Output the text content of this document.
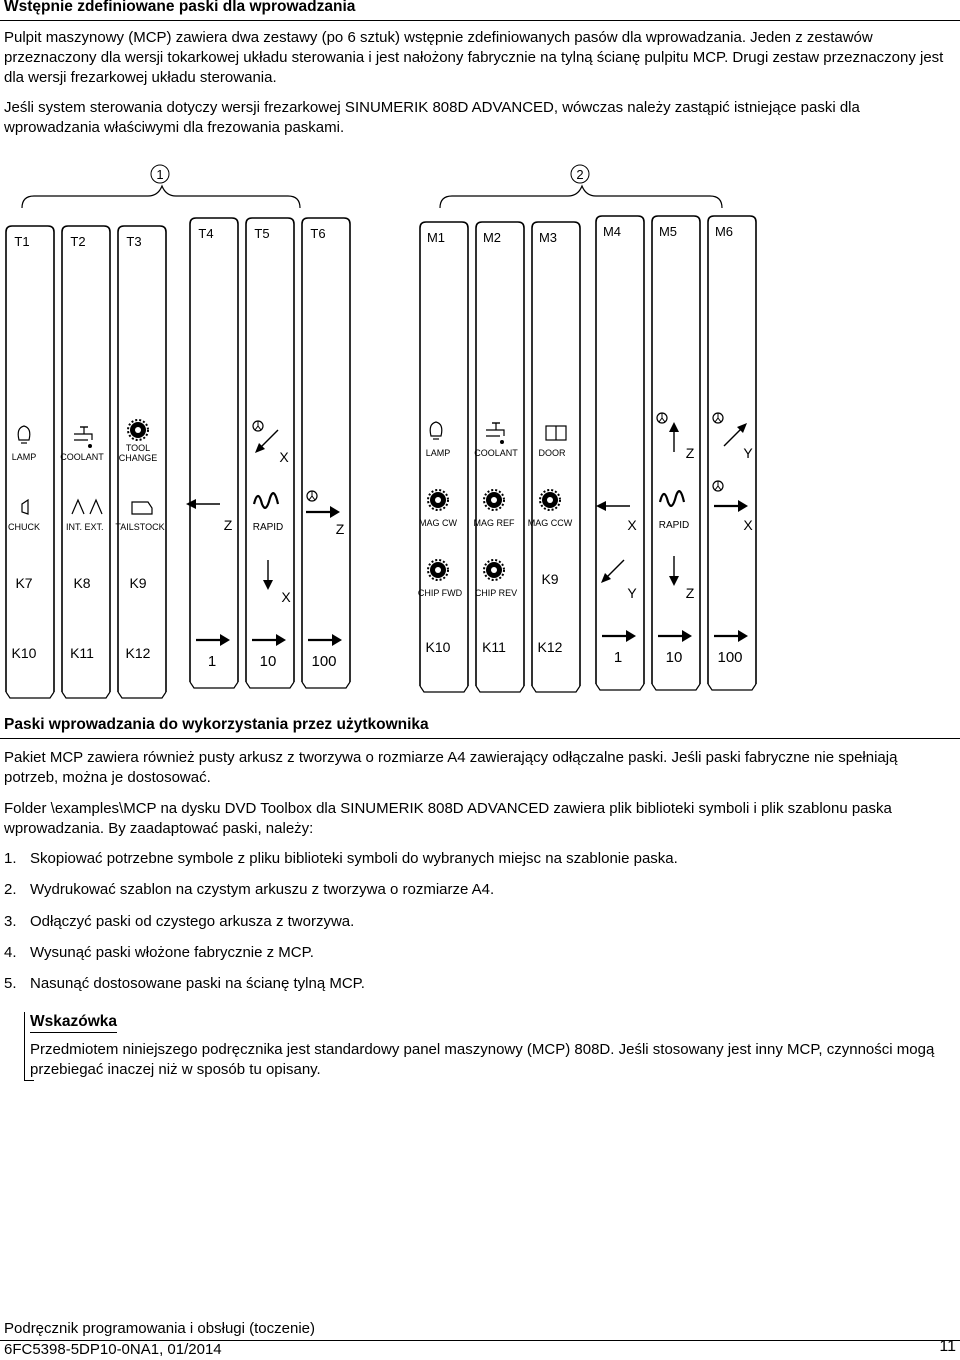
Wstępnie zdefiniowane paski dla wprowadzania
Pulpit maszynowy (MCP) zawiera dwa zestawy (po 6 sztuk) wstępnie zdefiniowanych pasów dla wprowadzania. Jeden z zestawów przeznaczony dla wersji tokarkowej układu sterowania i jest nałożony fabrycznie na tylną ścianę pulpitu MCP. Drugi zestaw przeznaczony jest dla wersji frezarkowej układu sterowania.
Jeśli system sterowania dotyczy wersji frezarkowej SINUMERIK 808D ADVANCED, wówczas należy zastąpić istniejące paski dla wprowadzania właściwymi dla frezowania paskami.
1	2
T1
LAMP
CHUCK
K7
K10
T2
COOLANT
INT. EXT.
K8
K11
T3
TOOL
CHANGE
TAILSTOCK
K9
K12
T4
Z
1
T5
X
RAPID
X
10
T6
Z
100
M1
LAMP
MAG CW
CHIP FWD
K10
M2
COOLANT
MAG REF
CHIP REV
K11
M3
DOOR
MAG CCW
K9
K12
M4
X
Y
1
M5
Z
RAPID
Z
10
M6
Y
X
100
Paski wprowadzania do wykorzystania przez użytkownika
Pakiet MCP zawiera również pusty arkusz z tworzywa o rozmiarze A4 zawierający odłączalne paski. Jeśli paski fabryczne nie spełniają potrzeb, można je dostosować.
Folder \examples\MCP na dysku DVD Toolbox dla SINUMERIK 808D ADVANCED zawiera plik biblioteki symboli i plik szablonu paska wprowadzania. By zaadaptować paski, należy:
1. Skopiować potrzebne symbole z pliku biblioteki symboli do wybranych miejsc na szablonie paska.
2. Wydrukować szablon na czystym arkuszu z tworzywa o rozmiarze A4.
3. Odłączyć paski od czystego arkusza z tworzywa.
4. Wysunąć paski włożone fabrycznie z MCP.
5. Nasunąć dostosowane paski na ścianę tylną MCP.
Wskazówka
Przedmiotem niniejszego podręcznika jest standardowy panel maszynowy (MCP) 808D. Jeśli stosowany jest inny MCP, czynności mogą przebiegać inaczej niż w sposób tu opisany.
Podręcznik programowania i obsługi (toczenie)
6FC5398-5DP10-0NA1, 01/2014	11
